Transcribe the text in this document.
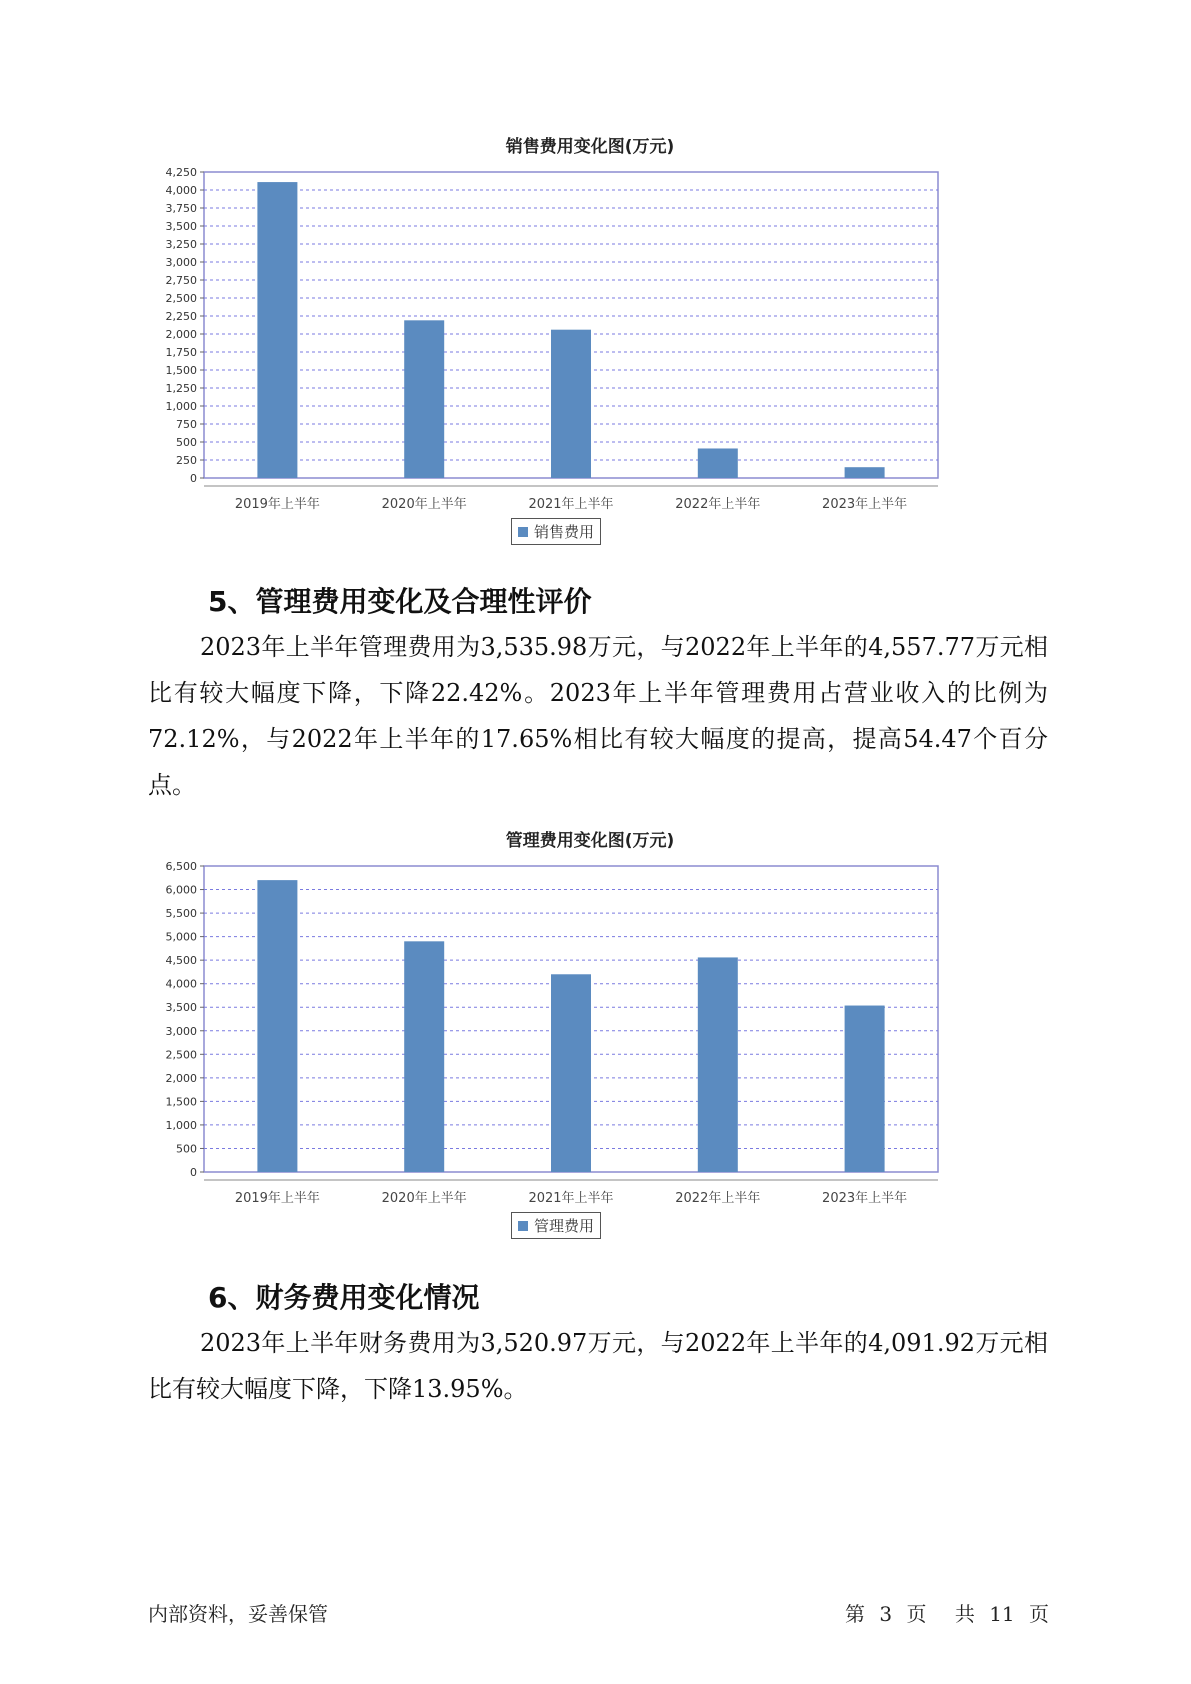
销售费用变化图(万元)
0
250
500
750
1,000
1,250
1,500
1,750
2,000
2,250
2,500
2,750
3,000
3,250
3,500
3,750
4,000
4,250
2019年上半年	2020年上半年	2021年上半年	2022年上半年	2023年上半年
销售费用
5、管理费用变化及合理性评价
2023年上半年管理费用为3,535.98万元，与2022年上半年的4,557.77万元相比有较大幅度下降，下降22.42%。2023年上半年管理费用占营业收入的比例为72.12%，与2022年上半年的17.65%相比有较大幅度的提高，提高54.47个百分点。
管理费用变化图(万元)
0
500
1,000
1,500
2,000
2,500
3,000
3,500
4,000
4,500
5,000
5,500
6,000
6,500
2019年上半年	2020年上半年	2021年上半年	2022年上半年	2023年上半年
管理费用
6、财务费用变化情况
2023年上半年财务费用为3,520.97万元，与2022年上半年的4,091.92万元相比有较大幅度下降，下降13.95%。
内部资料，妥善保管	第 3 页 共 11 页
